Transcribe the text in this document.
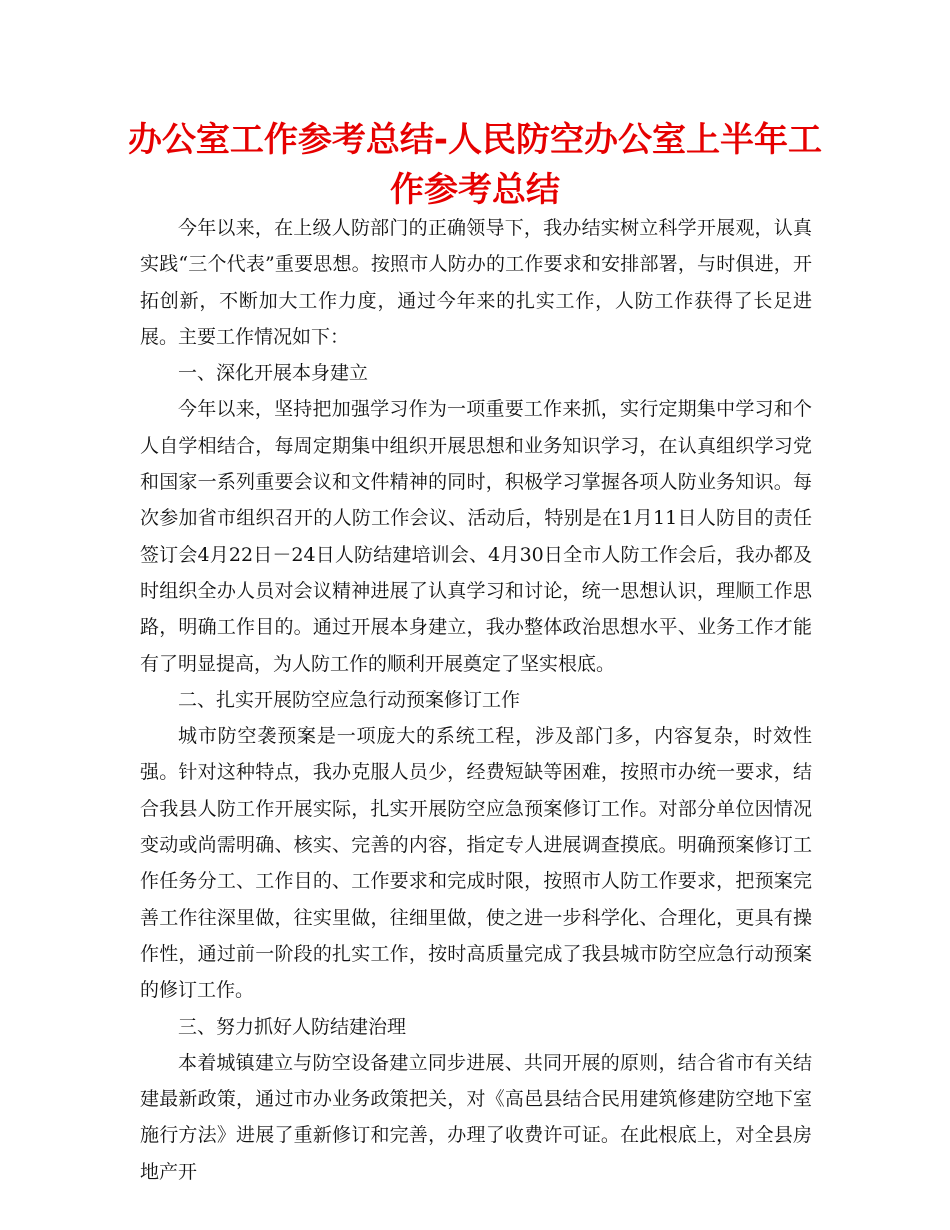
办公室工作参考总结-人民防空办公室上半年工作参考总结

今年以来，在上级人防部门的正确领导下，我办结实树立科学开展观，认真实践“三个代表”重要思想。按照市人防办的工作要求和安排部署，与时俱进，开拓创新，不断加大工作力度，通过今年来的扎实工作，人防工作获得了长足进展。主要工作情况如下：

一、深化开展本身建立

今年以来，坚持把加强学习作为一项重要工作来抓，实行定期集中学习和个人自学相结合，每周定期集中组织开展思想和业务知识学习，在认真组织学习党和国家一系列重要会议和文件精神的同时，积极学习掌握各项人防业务知识。每次参加省市组织召开的人防工作会议、活动后，特别是在1月11日人防目的责任签订会4月22日－24日人防结建培训会、4月30日全市人防工作会后，我办都及时组织全办人员对会议精神进展了认真学习和讨论，统一思想认识，理顺工作思路，明确工作目的。通过开展本身建立，我办整体政治思想水平、业务工作才能有了明显提高，为人防工作的顺利开展奠定了坚实根底。

二、扎实开展防空应急行动预案修订工作

城市防空袭预案是一项庞大的系统工程，涉及部门多，内容复杂，时效性强。针对这种特点，我办克服人员少，经费短缺等困难，按照市办统一要求，结合我县人防工作开展实际，扎实开展防空应急预案修订工作。对部分单位因情况变动或尚需明确、核实、完善的内容，指定专人进展调查摸底。明确预案修订工作任务分工、工作目的、工作要求和完成时限，按照市人防工作要求，把预案完善工作往深里做，往实里做，往细里做，使之进一步科学化、合理化，更具有操作性，通过前一阶段的扎实工作，按时高质量完成了我县城市防空应急行动预案的修订工作。

三、努力抓好人防结建治理

本着城镇建立与防空设备建立同步进展、共同开展的原则，结合省市有关结建最新政策，通过市办业务政策把关，对《高邑县结合民用建筑修建防空地下室施行方法》进展了重新修订和完善，办理了收费许可证。在此根底上，对全县房地产开
